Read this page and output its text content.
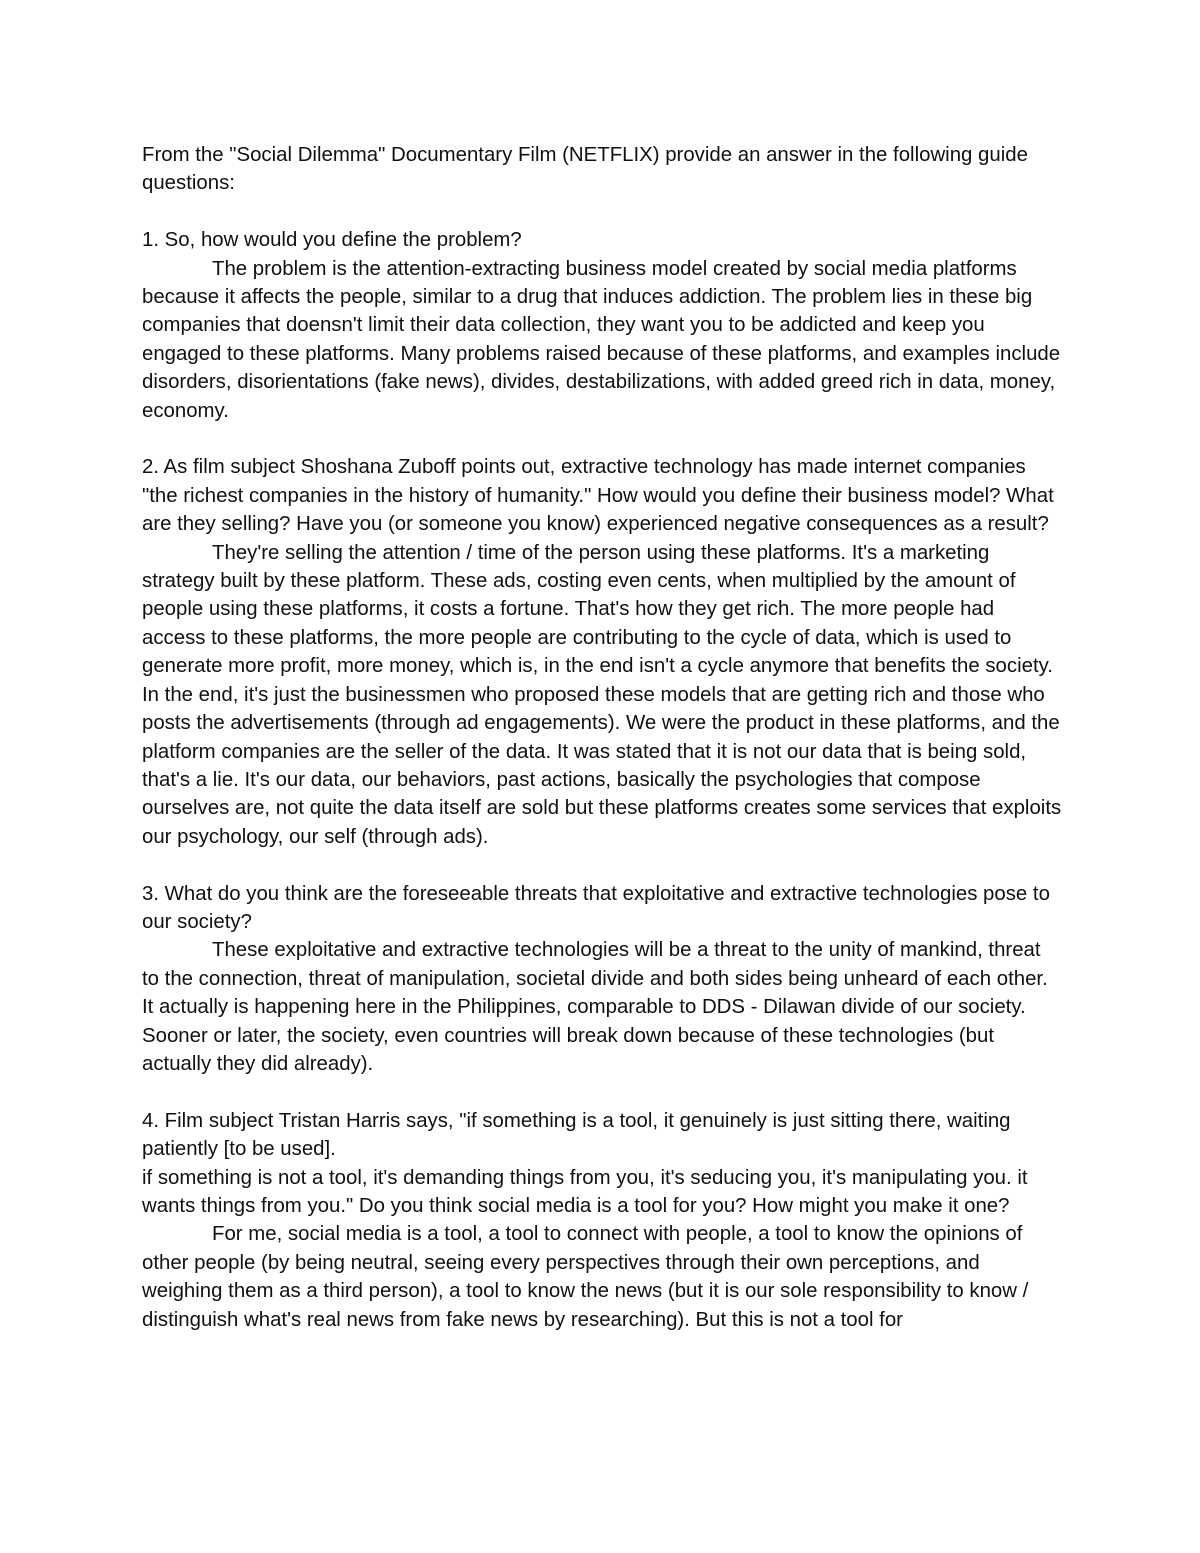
From the "Social Dilemma" Documentary Film (NETFLIX) provide an answer in the following guide questions:

1. So, how would you define the problem?

The problem is the attention-extracting business model created by social media platforms because it affects the people, similar to a drug that induces addiction. The problem lies in these big companies that doensn't limit their data collection, they want you to be addicted and keep you engaged to these platforms. Many problems raised because of these platforms, and examples include disorders, disorientations (fake news), divides, destabilizations, with added greed rich in data, money, economy.

2. As film subject Shoshana Zuboff points out, extractive technology has made internet companies "the richest companies in the history of humanity." How would you define their business model? What are they selling? Have you (or someone you know) experienced negative consequences as a result?

They're selling the attention / time of the person using these platforms. It's a marketing strategy built by these platform. These ads, costing even cents, when multiplied by the amount of people using these platforms, it costs a fortune. That's how they get rich. The more people had access to these platforms, the more people are contributing to the cycle of data, which is used to generate more profit, more money, which is, in the end isn't a cycle anymore that benefits the society. In the end, it's just the businessmen who proposed these models that are getting rich and those who posts the advertisements (through ad engagements). We were the product in these platforms, and the platform companies are the seller of the data. It was stated that it is not our data that is being sold, that's a lie. It's our data, our behaviors, past actions, basically the psychologies that compose ourselves are, not quite the data itself are sold but these platforms creates some services that exploits our psychology, our self (through ads).

3. What do you think are the foreseeable threats that exploitative and extractive technologies pose to our society?

These exploitative and extractive technologies will be a threat to the unity of mankind, threat to the connection, threat of manipulation, societal divide and both sides being unheard of each other. It actually is happening here in the Philippines, comparable to DDS - Dilawan divide of our society. Sooner or later, the society, even countries will break down because of these technologies (but actually they did already).

4. Film subject Tristan Harris says, "if something is a tool, it genuinely is just sitting there, waiting patiently [to be used].

if something is not a tool, it's demanding things from you, it's seducing you, it's manipulating you. it wants things from you." Do you think social media is a tool for you? How might you make it one?

For me, social media is a tool, a tool to connect with people, a tool to know the opinions of other people (by being neutral, seeing every perspectives through their own perceptions, and weighing them as a third person), a tool to know the news (but it is our sole responsibility to know / distinguish what's real news from fake news by researching). But this is not a tool for
